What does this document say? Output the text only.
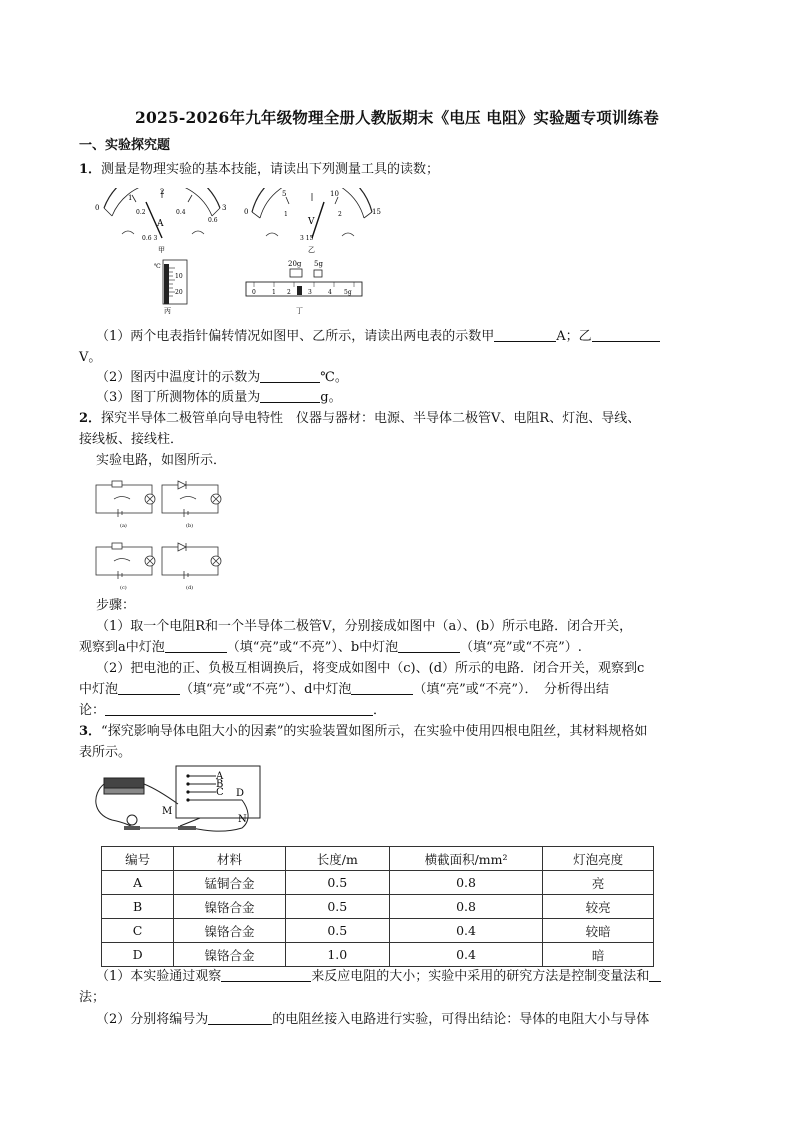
2025-2026年九年级物理全册人教版期末《电压 电阻》实验题专项训练卷
一、实验探究题
1．测量是物理实验的基本技能，请读出下列测量工具的读数；
0
1
2
3
0.2	0.4
0.6
A
0.6 3
甲
0
5	10
15
1	2
V
3 15
乙
10
20
℃
丙
20g 5g
0	1 2	3	4 5g
丁
（1）两个电表指针偏转情况如图甲、乙所示，请读出两电表的示数甲	A；乙
V。
（2）图丙中温度计的示数为	℃。
（3）图丁所测物体的质量为	g。
2．探究半导体二极管单向导电特性　仪器与器材：电源、半导体二极管V、电阻R、灯泡、导线、
接线板、接线柱．
实验电路，如图所示．
(a)	(b)
(c)	(d)
步骤：
（1）取一个电阻R和一个半导体二极管V，分别接成如图中（a）、(b）所示电路．闭合开关，
观察到a中灯泡	（填“亮”或“不亮”）、b中灯泡	（填“亮”或“不亮”）.
（2）把电池的正、负极互相调换后，将变成如图中（c)、(d）所示的电路．闭合开关，观察到c
中灯泡	（填“亮”或“不亮”）、d中灯泡	（填“亮”或“不亮”）．　分析得出结
论：	．
3．“探究影响导体电阻大小的因素”的实验装置如图所示，在实验中使用四根电阻丝，其材料规格如
表所示。
A
B
C D
M
N
编号	材料	长度/m	横截面积/mm²	灯泡亮度
A	锰铜合金	0.5	0.8	亮
B	镍铬合金	0.5	0.8	较亮
C	镍铬合金	0.5	0.4	较暗
D	镍铬合金	1.0	0.4	暗
（1）本实验通过观察	来反应电阻的大小；实验中采用的研究方法是控制变量法和
法；
（2）分别将编号为	的电阻丝接入电路进行实验，可得出结论：导体的电阻大小与导体
